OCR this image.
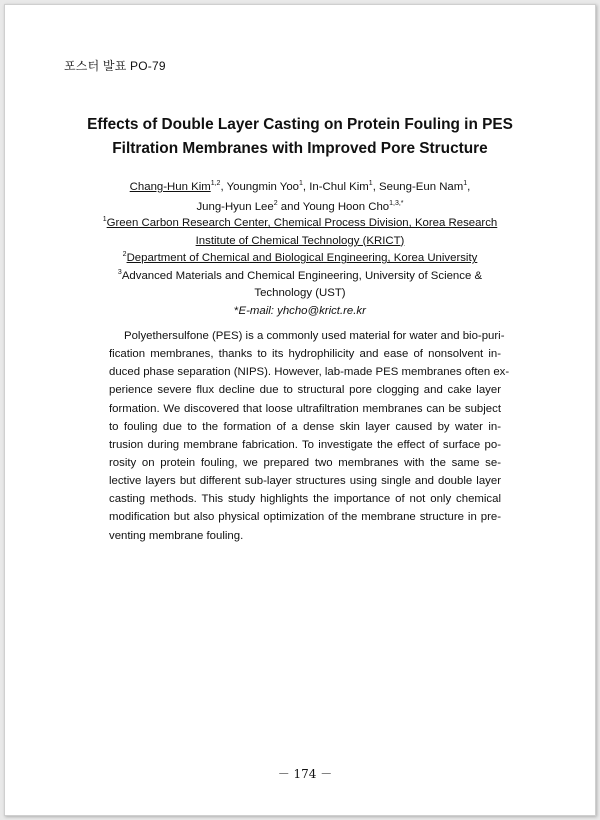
포스터 발표 PO-79
Effects of Double Layer Casting on Protein Fouling in PES
Filtration Membranes with Improved Pore Structure
Chang-Hun Kim$^{1,2}$, Youngmin Yoo$^1$, In-Chul Kim$^1$, Seung-Eun Nam$^1$,
Jung-Hyun Lee$^2$ and Young Hoon Cho$^{1,3,*}$
$^1$Green Carbon Research Center, Chemical Process Division, Korea Research
Institute of Chemical Technology (KRICT)
$^2$Department of Chemical and Biological Engineering, Korea University
$^3$Advanced Materials and Chemical Engineering, University of Science &
Technology (UST)
*E-mail: yhcho@krict.re.kr
Polyethersulfone (PES) is a commonly used material for water and bio-puri-
fication membranes, thanks to its hydrophilicity and ease of nonsolvent in-
duced phase separation (NIPS). However, lab-made PES membranes often ex-
perience severe flux decline due to structural pore clogging and cake layer
formation. We discovered that loose ultrafiltration membranes can be subject
to fouling due to the formation of a dense skin layer caused by water in-
trusion during membrane fabrication. To investigate the effect of surface po-
rosity on protein fouling, we prepared two membranes with the same se-
lective layers but different sub-layer structures using single and double layer
casting methods. This study highlights the importance of not only chemical
modification but also physical optimization of the membrane structure in pre-
venting membrane fouling.
－ 174 －
